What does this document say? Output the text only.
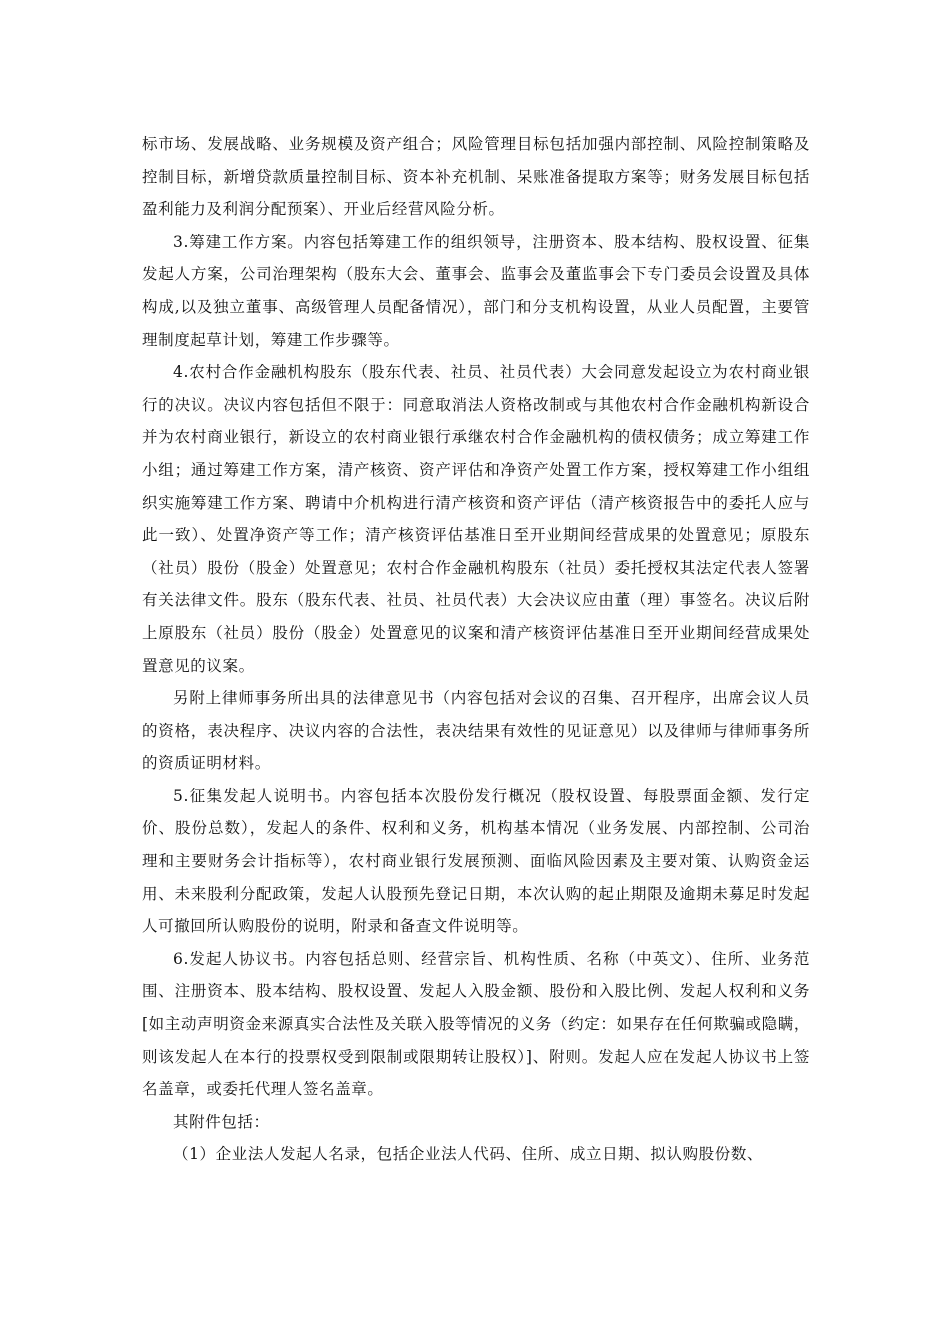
标市场、发展战略、业务规模及资产组合；风险管理目标包括加强内部控制、风险控制策略及控制目标，新增贷款质量控制目标、资本补充机制、呆账准备提取方案等；财务发展目标包括盈利能力及利润分配预案）、开业后经营风险分析。

3.筹建工作方案。内容包括筹建工作的组织领导，注册资本、股本结构、股权设置、征集发起人方案，公司治理架构（股东大会、董事会、监事会及董监事会下专门委员会设置及具体构成,以及独立董事、高级管理人员配备情况），部门和分支机构设置，从业人员配置，主要管理制度起草计划，筹建工作步骤等。

4.农村合作金融机构股东（股东代表、社员、社员代表）大会同意发起设立为农村商业银行的决议。决议内容包括但不限于：同意取消法人资格改制或与其他农村合作金融机构新设合并为农村商业银行，新设立的农村商业银行承继农村合作金融机构的债权债务；成立筹建工作小组；通过筹建工作方案，清产核资、资产评估和净资产处置工作方案，授权筹建工作小组组织实施筹建工作方案、聘请中介机构进行清产核资和资产评估（清产核资报告中的委托人应与此一致）、处置净资产等工作；清产核资评估基准日至开业期间经营成果的处置意见；原股东（社员）股份（股金）处置意见；农村合作金融机构股东（社员）委托授权其法定代表人签署有关法律文件。股东（股东代表、社员、社员代表）大会决议应由董（理）事签名。决议后附上原股东（社员）股份（股金）处置意见的议案和清产核资评估基准日至开业期间经营成果处置意见的议案。

另附上律师事务所出具的法律意见书（内容包括对会议的召集、召开程序，出席会议人员的资格，表决程序、决议内容的合法性，表决结果有效性的见证意见）以及律师与律师事务所的资质证明材料。

5.征集发起人说明书。内容包括本次股份发行概况（股权设置、每股票面金额、发行定价、股份总数），发起人的条件、权利和义务，机构基本情况（业务发展、内部控制、公司治理和主要财务会计指标等），农村商业银行发展预测、面临风险因素及主要对策、认购资金运用、未来股利分配政策，发起人认股预先登记日期，本次认购的起止期限及逾期未募足时发起人可撤回所认购股份的说明，附录和备查文件说明等。

6.发起人协议书。内容包括总则、经营宗旨、机构性质、名称（中英文）、住所、业务范围、注册资本、股本结构、股权设置、发起人入股金额、股份和入股比例、发起人权利和义务[如主动声明资金来源真实合法性及关联入股等情况的义务（约定：如果存在任何欺骗或隐瞒，则该发起人在本行的投票权受到限制或限期转让股权）]、附则。发起人应在发起人协议书上签名盖章，或委托代理人签名盖章。

其附件包括：

（1）企业法人发起人名录，包括企业法人代码、住所、成立日期、拟认购股份数、
